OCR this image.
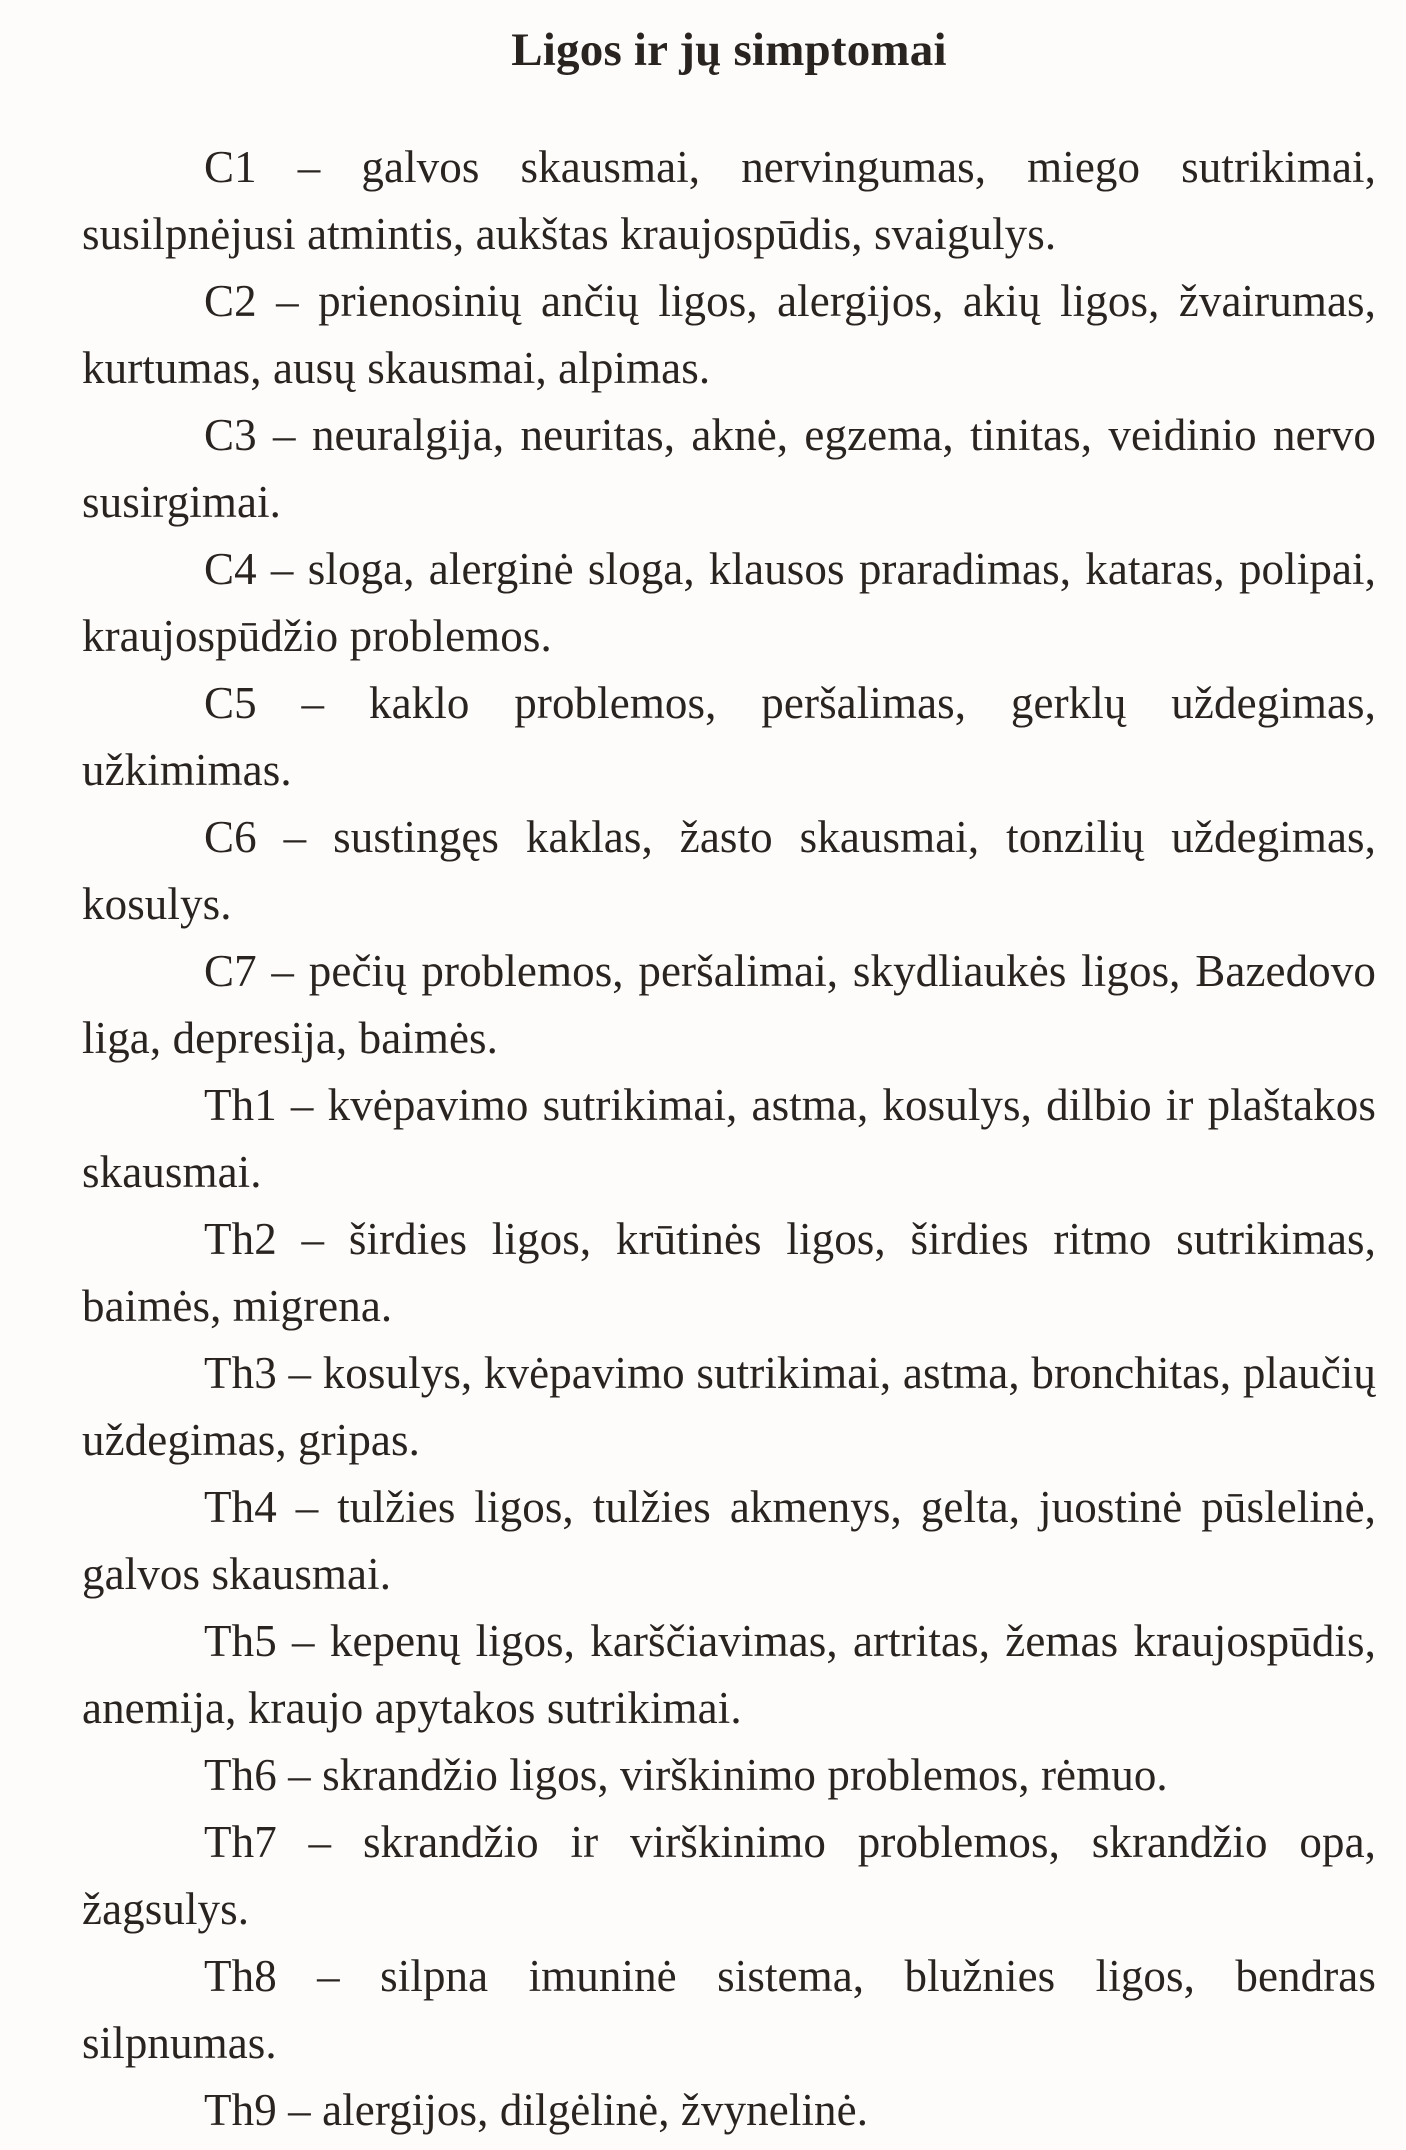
Ligos ir jų simptomai

C1 – galvos skausmai, nervingumas, miego sutrikimai, susilpnėjusi atmintis, aukštas kraujospūdis, svaigulys.

C2 – prienosinių ančių ligos, alergijos, akių ligos, žvairumas, kurtumas, ausų skausmai, alpimas.

C3 – neuralgija, neuritas, aknė, egzema, tinitas, veidinio nervo susirgimai.

C4 – sloga, alerginė sloga, klausos praradimas, kataras, polipai, kraujospūdžio problemos.

C5 – kaklo problemos, peršalimas, gerklų uždegimas, užkimimas.

C6 – sustingęs kaklas, žasto skausmai, tonzilių uždegimas, kosulys.

C7 – pečių problemos, peršalimai, skydliaukės ligos, Bazedovo liga, depresija, baimės.

Th1 – kvėpavimo sutrikimai, astma, kosulys, dilbio ir plaštakos skausmai.

Th2 – širdies ligos, krūtinės ligos, širdies ritmo sutrikimas, baimės, migrena.

Th3 – kosulys, kvėpavimo sutrikimai, astma, bronchitas, plaučių uždegimas, gripas.

Th4 – tulžies ligos, tulžies akmenys, gelta, juostinė pūslelinė, galvos skausmai.

Th5 – kepenų ligos, karščiavimas, artritas, žemas kraujospūdis, anemija, kraujo apytakos sutrikimai.

Th6 – skrandžio ligos, virškinimo problemos, rėmuo.

Th7 – skrandžio ir virškinimo problemos, skrandžio opa, žagsulys.

Th8 – silpna imuninė sistema, blužnies ligos, bendras silpnumas.

Th9 – alergijos, dilgėlinė, žvynelinė.
